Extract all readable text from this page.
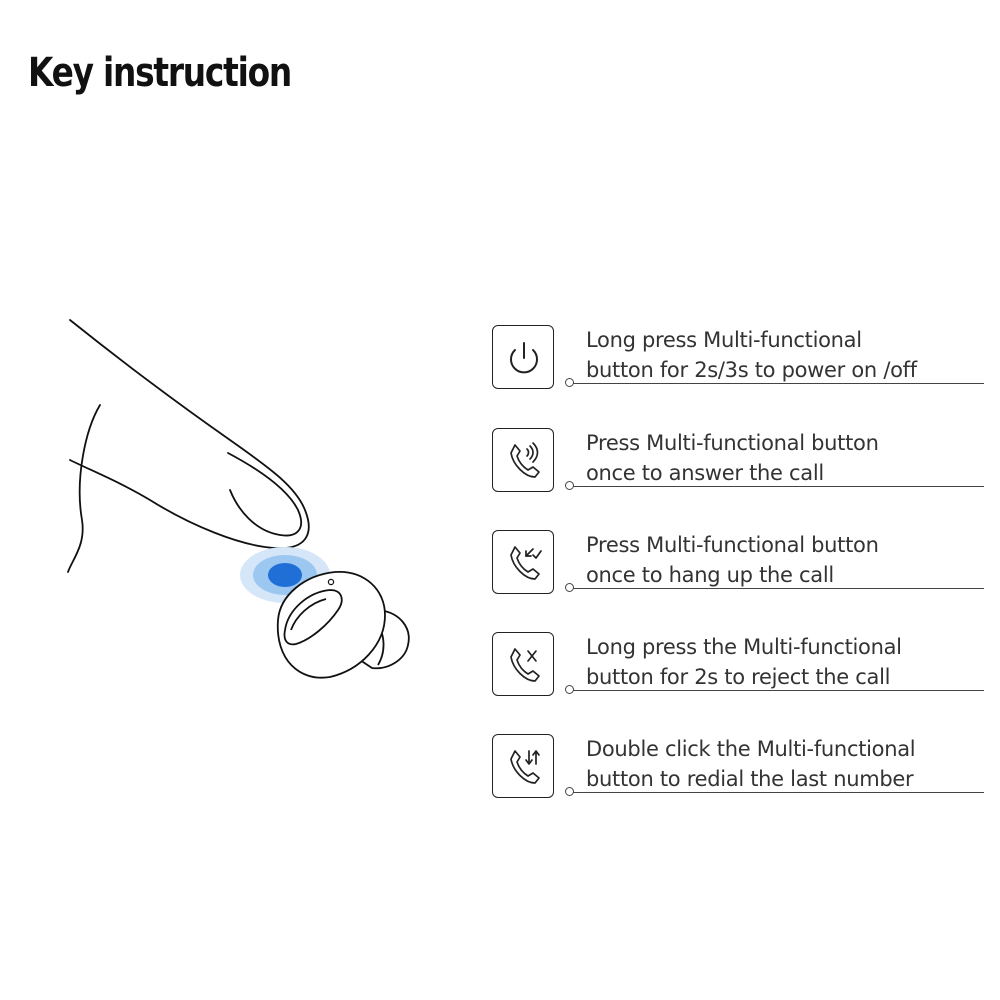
Key instruction
Long press Multi-functional
button for 2s/3s to power on /off
Press Multi-functional button
once to answer the call
Press Multi-functional button
once to hang up the call
Long press the Multi-functional
button for 2s to reject the call
Double click the Multi-functional
button to redial the last number
